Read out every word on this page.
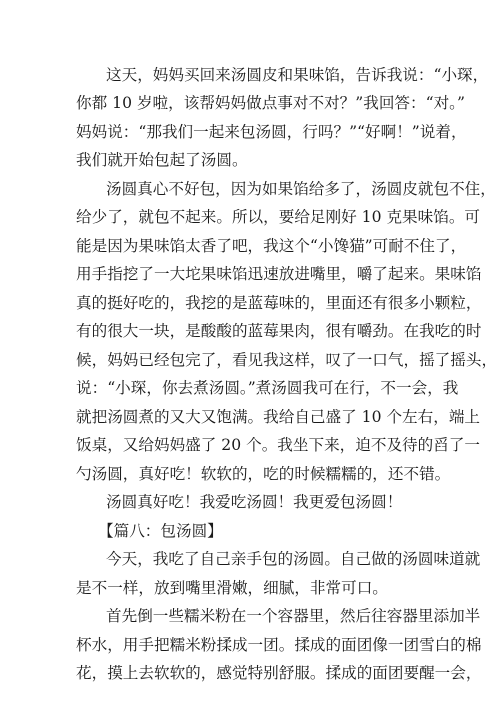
这天，妈妈买回来汤圆皮和果味馅，告诉我说：“小琛，
你都 10 岁啦，该帮妈妈做点事对不对？”我回答：“对。”
妈妈说：“那我们一起来包汤圆，行吗？”“好啊！”说着，
我们就开始包起了汤圆。
汤圆真心不好包，因为如果馅给多了，汤圆皮就包不住，
给少了，就包不起来。所以，要给足刚好 10 克果味馅。可
能是因为果味馅太香了吧，我这个“小馋猫”可耐不住了，
用手指挖了一大坨果味馅迅速放进嘴里，嚼了起来。果味馅
真的挺好吃的，我挖的是蓝莓味的，里面还有很多小颗粒，
有的很大一块，是酸酸的蓝莓果肉，很有嚼劲。在我吃的时
候，妈妈已经包完了，看见我这样，叹了一口气，摇了摇头，
说：“小琛，你去煮汤圆。”煮汤圆我可在行，不一会，我
就把汤圆煮的又大又饱满。我给自己盛了 10 个左右，端上
饭桌，又给妈妈盛了 20 个。我坐下来，迫不及待的舀了一
勺汤圆，真好吃！软软的，吃的时候糯糯的，还不错。
汤圆真好吃！我爱吃汤圆！我更爱包汤圆！
【篇八：包汤圆】
今天，我吃了自己亲手包的汤圆。自己做的汤圆味道就
是不一样，放到嘴里滑嫩，细腻，非常可口。
首先倒一些糯米粉在一个容器里，然后往容器里添加半
杯水，用手把糯米粉揉成一团。揉成的面团像一团雪白的棉
花，摸上去软软的，感觉特别舒服。揉成的面团要醒一会，
